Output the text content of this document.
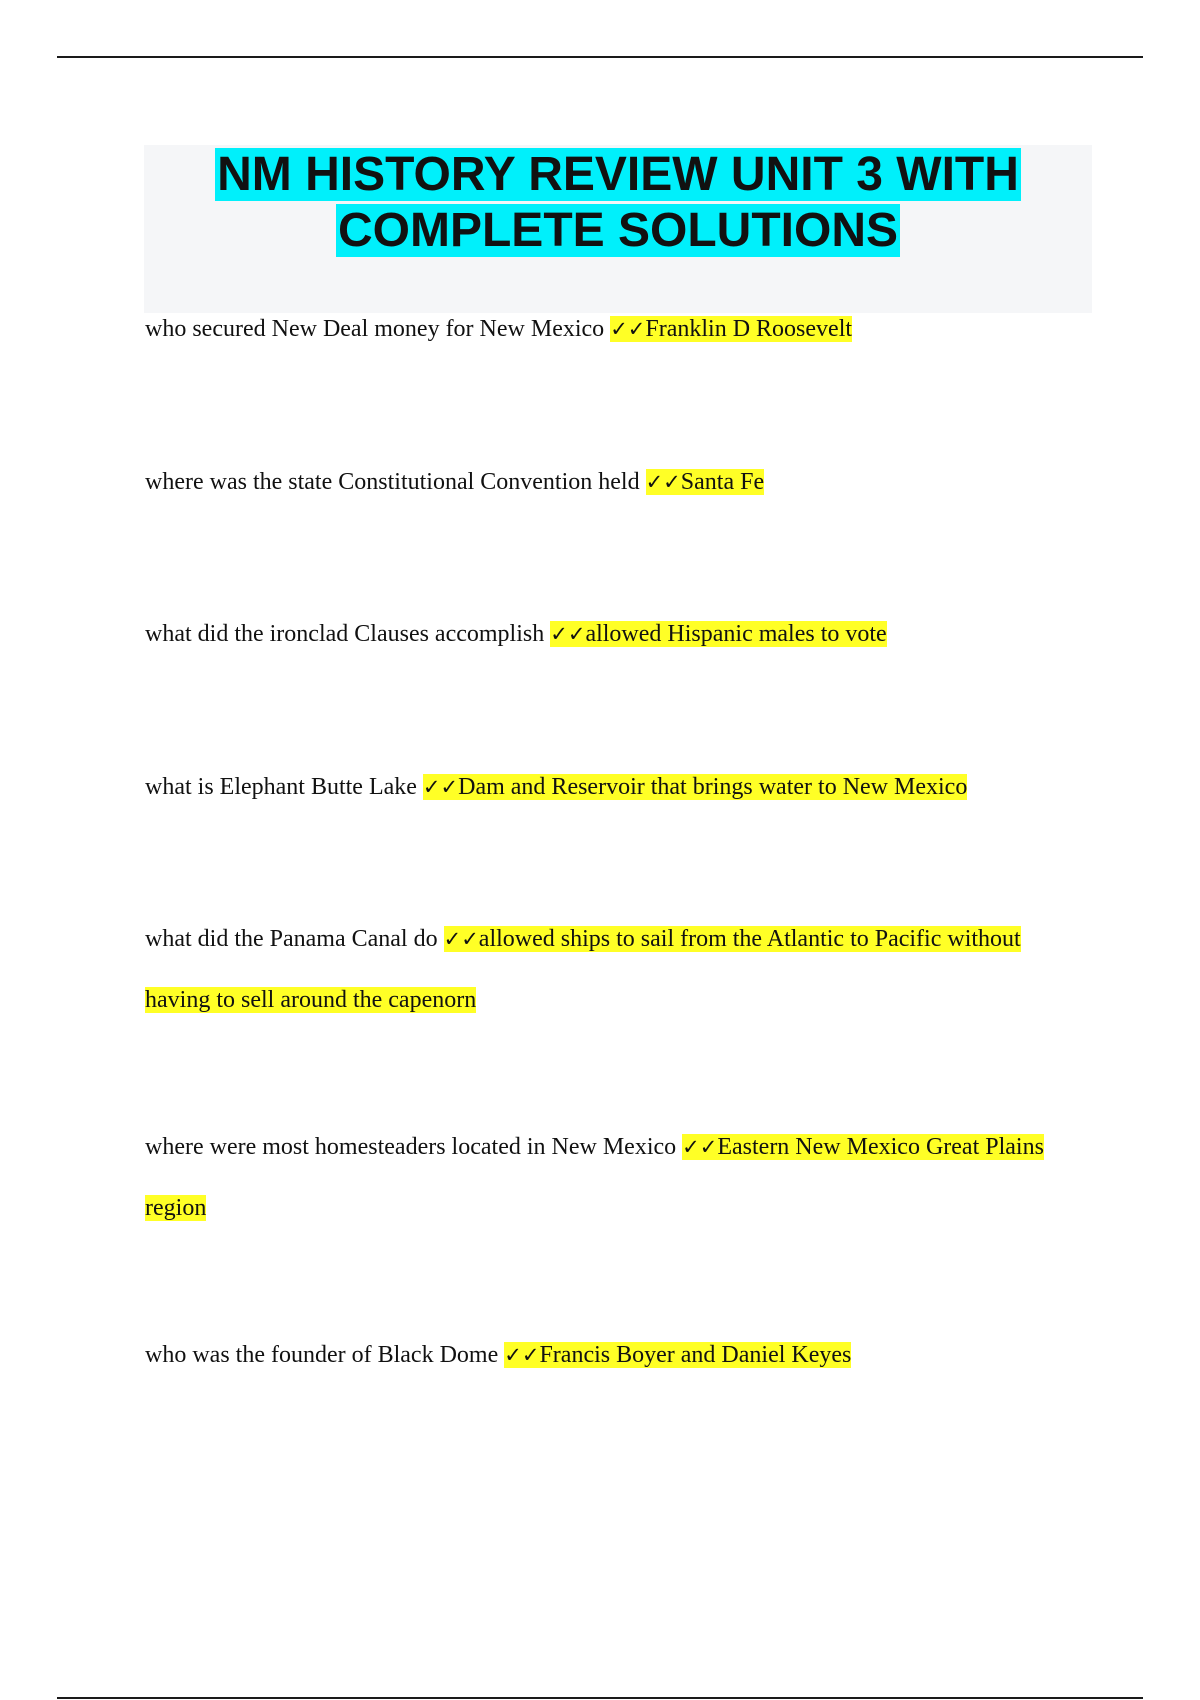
NM HISTORY REVIEW UNIT 3 WITH
COMPLETE SOLUTIONS

who secured New Deal money for New Mexico ✓✓Franklin D Roosevelt

where was the state Constitutional Convention held ✓✓Santa Fe

what did the ironclad Clauses accomplish ✓✓allowed Hispanic males to vote

what is Elephant Butte Lake ✓✓Dam and Reservoir that brings water to New Mexico

what did the Panama Canal do ✓✓allowed ships to sail from the Atlantic to Pacific without having to sell around the capenorn

where were most homesteaders located in New Mexico ✓✓Eastern New Mexico Great Plains region

who was the founder of Black Dome ✓✓Francis Boyer and Daniel Keyes
